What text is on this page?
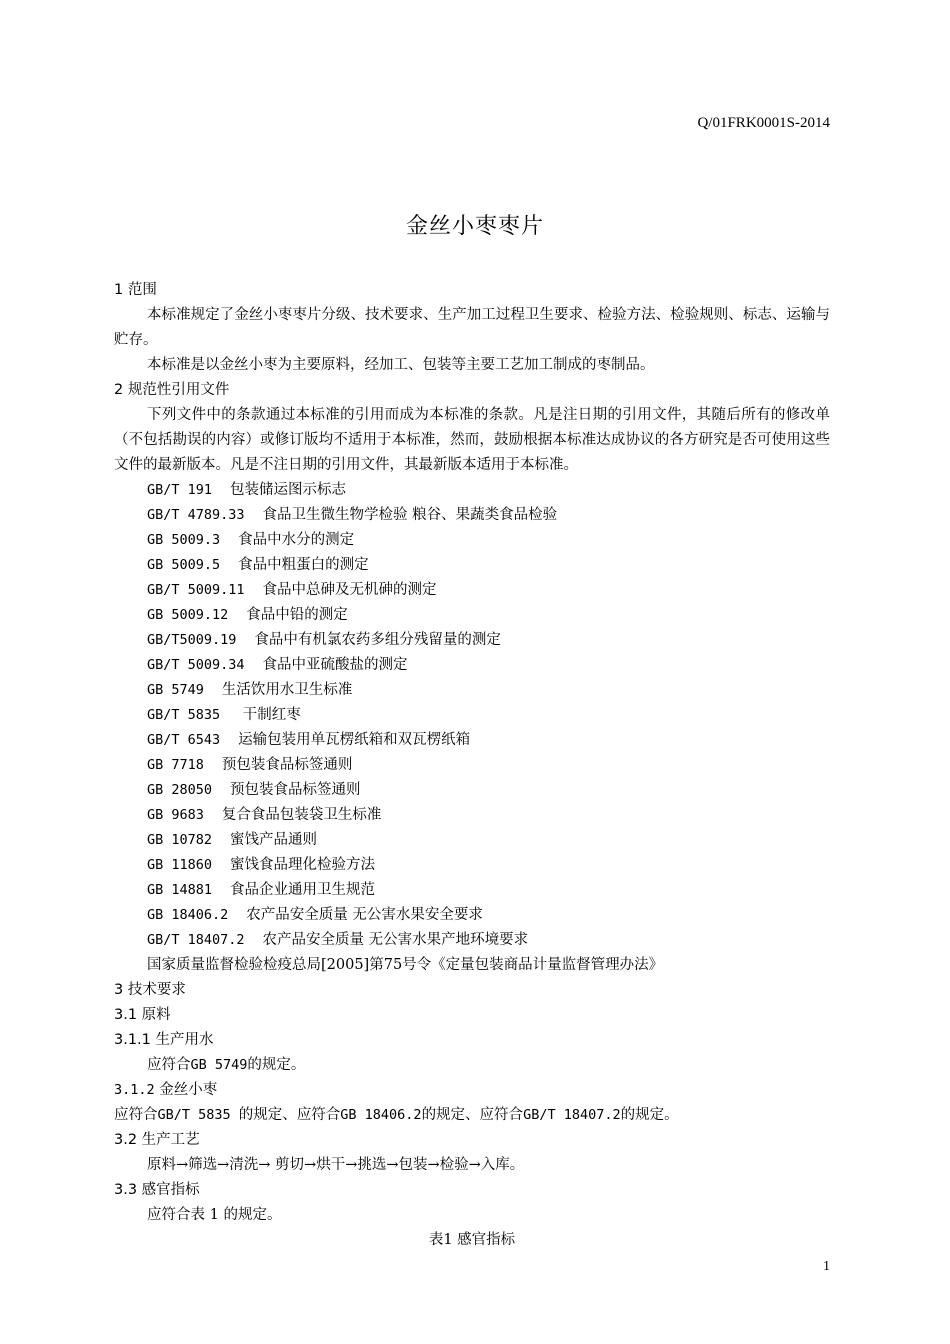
Q/01FRK0001S-2014
金丝小枣枣片
1 范围
本标准规定了金丝小枣枣片分级、技术要求、生产加工过程卫生要求、检验方法、检验规则、标志、运输与贮存。
本标准是以金丝小枣为主要原料，经加工、包装等主要工艺加工制成的枣制品。
2 规范性引用文件
下列文件中的条款通过本标准的引用而成为本标准的条款。凡是注日期的引用文件，其随后所有的修改单（不包括勘误的内容）或修订版均不适用于本标准，然而，鼓励根据本标准达成协议的各方研究是否可使用这些文件的最新版本。凡是不注日期的引用文件，其最新版本适用于本标准。
GB/T 191 包装储运图示标志
GB/T 4789.33 食品卫生微生物学检验 粮谷、果蔬类食品检验
GB 5009.3 食品中水分的测定
GB 5009.5 食品中粗蛋白的测定
GB/T 5009.11 食品中总砷及无机砷的测定
GB 5009.12 食品中铅的测定
GB/T5009.19 食品中有机氯农药多组分残留量的测定
GB/T 5009.34 食品中亚硫酸盐的测定
GB 5749 生活饮用水卫生标准
GB/T 5835 干制红枣
GB/T 6543 运输包装用单瓦楞纸箱和双瓦楞纸箱
GB 7718 预包装食品标签通则
GB 28050 预包装食品标签通则
GB 9683 复合食品包装袋卫生标准
GB 10782 蜜饯产品通则
GB 11860 蜜饯食品理化检验方法
GB 14881 食品企业通用卫生规范
GB 18406.2 农产品安全质量 无公害水果安全要求
GB/T 18407.2 农产品安全质量 无公害水果产地环境要求
国家质量监督检验检疫总局[2005]第75号令《定量包装商品计量监督管理办法》
3 技术要求
3.1 原料
3.1.1 生产用水
应符合GB 5749的规定。
3.1.2 金丝小枣
应符合GB/T 5835 的规定、应符合GB 18406.2的规定、应符合GB/T 18407.2的规定。
3.2 生产工艺
原料→筛选→清洗→ 剪切→烘干→挑选→包装→检验→入库。
3.3 感官指标
应符合表 1 的规定。
表1 感官指标
1
